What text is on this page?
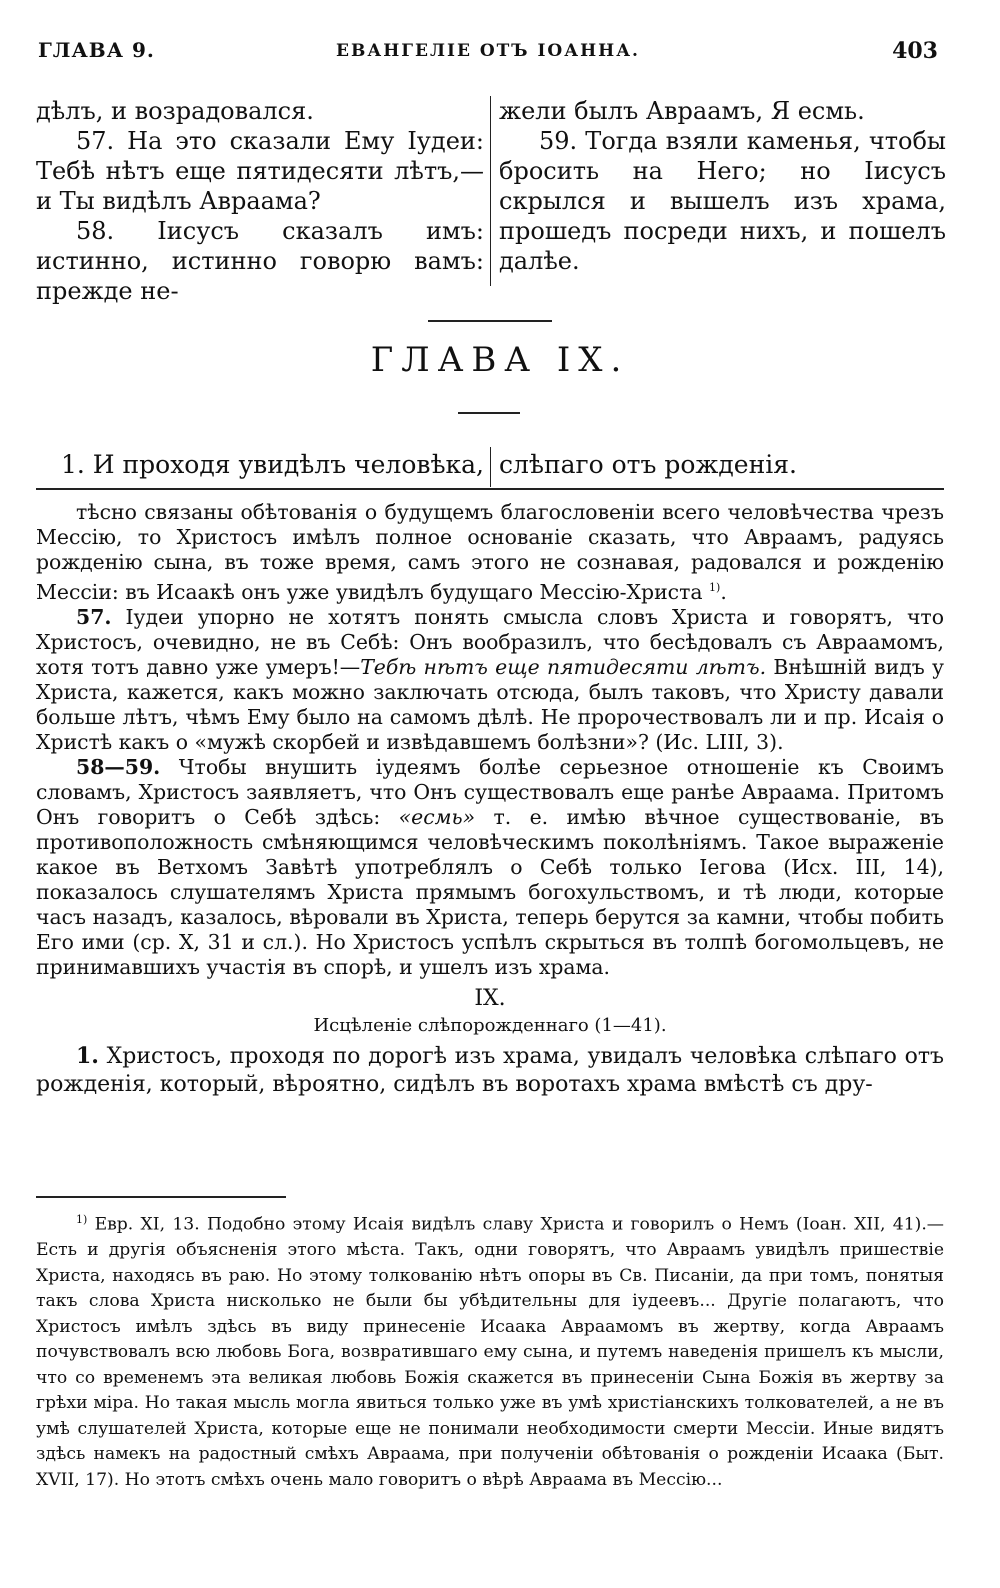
ГЛАВА 9.	ЕВАНГЕЛІЕ ОТЪ ІОАННА.	403

дѣлъ, и возрадовался.

57. На это сказали Ему Іудеи: Тебѣ нѣтъ еще пятидесяти лѣтъ,— и Ты видѣлъ Авраама?

58. Іисусъ сказалъ имъ: истинно, истинно говорю вамъ: прежде не-

жели былъ Авраамъ, Я есмь.

59. Тогда взяли каменья, чтобы бросить на Него; но Іисусъ скрылся и вышелъ изъ храма, прошедъ посреди нихъ, и пошелъ далѣе.

ГЛАВА IX.

1. И проходя увидѣлъ человѣка, слѣпаго отъ рожденія.

тѣсно связаны обѣтованія о будущемъ благословеніи всего человѣчества чрезъ Мессію, то Христосъ имѣлъ полное основаніе сказать, что Авраамъ, радуясь рожденію сына, въ тоже время, самъ этого не сознавая, радовался и рожденію Мессіи: въ Исаакѣ онъ уже увидѣлъ будущаго Мессію-Христа $^{1)}$.

57. Іудеи упорно не хотятъ понять смысла словъ Христа и говорятъ, что Христосъ, очевидно, не въ Себѣ: Онъ вообразилъ, что бесѣдовалъ съ Авраамомъ, хотя тотъ давно уже умеръ!—Тебѣ нѣтъ еще пятидесяти лѣтъ. Внѣшній видъ у Христа, кажется, какъ можно заключать отсюда, былъ таковъ, что Христу давали больше лѣтъ, чѣмъ Ему было на самомъ дѣлѣ. Не пророчествовалъ ли и пр. Исаія о Христѣ какъ о «мужѣ скорбей и извѣдавшемъ болѣзни»? (Ис. LIII, 3).

58—59. Чтобы внушить іудеямъ болѣе серьезное отношеніе къ Своимъ словамъ, Христосъ заявляетъ, что Онъ существовалъ еще ранѣе Авраама. Притомъ Онъ говоритъ о Себѣ здѣсь: «есмь» т. е. имѣю вѣчное существованіе, въ противоположность смѣняющимся человѣческимъ поколѣніямъ. Такое выраженіе какое въ Ветхомъ Завѣтѣ употреблялъ о Себѣ только Іегова (Исх. III, 14), показалось слушателямъ Христа прямымъ богохульствомъ, и тѣ люди, которые часъ назадъ, казалось, вѣровали въ Христа, теперь берутся за камни, чтобы побить Его ими (ср. X, 31 и сл.). Но Христосъ успѣлъ скрыться въ толпѣ богомольцевъ, не принимавшихъ участія въ спорѣ, и ушелъ изъ храма.

IX.
Исцѣленіе слѣпорожденнаго (1—41).

1. Христосъ, проходя по дорогѣ изъ храма, увидалъ человѣка слѣпаго отъ рожденія, который, вѣроятно, сидѣлъ въ воротахъ храма вмѣстѣ съ дру-

$^{1)}$ Евр. XI, 13. Подобно этому Исаія видѣлъ славу Христа и говорилъ о Немъ (Іоан. XII, 41).—Есть и другія объясненія этого мѣста. Такъ, одни говорятъ, что Авраамъ увидѣлъ пришествіе Христа, находясь въ раю. Но этому толкованію нѣтъ опоры въ Св. Писаніи, да при томъ, понятыя такъ слова Христа нисколько не были бы убѣдительны для іудеевъ... Другіе полагаютъ, что Христосъ имѣлъ здѣсь въ виду принесеніе Исаака Авраамомъ въ жертву, когда Авраамъ почувствовалъ всю любовь Бога, возвратившаго ему сына, и путемъ наведенія пришелъ къ мысли, что со временемъ эта великая любовь Божія скажется въ принесеніи Сына Божія въ жертву за грѣхи міра. Но такая мысль могла явиться только уже въ умѣ христіанскихъ толкователей, а не въ умѣ слушателей Христа, которые еще не понимали необходимости смерти Мессіи. Иные видятъ здѣсь намекъ на радостный смѣхъ Авраама, при полученіи обѣтованія о рожденіи Исаака (Быт. XVII, 17). Но этотъ смѣхъ очень мало говоритъ о вѣрѣ Авраама въ Мессію...
